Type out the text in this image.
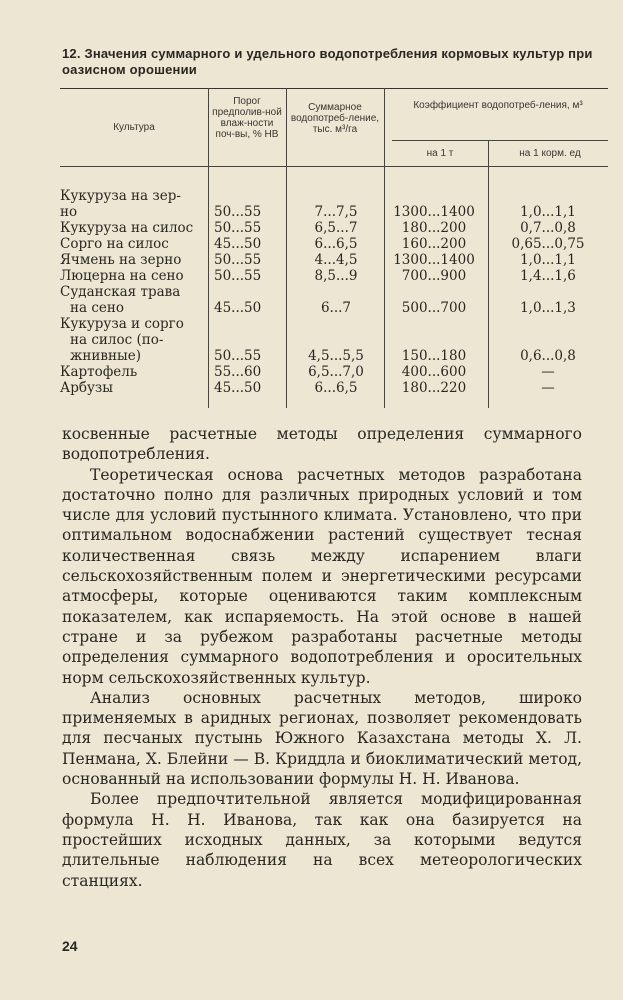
12. Значения суммарного и удельного водопотребления кормовых культур при оазисном орошении
Культура
Порог предполив-ной влаж-ности поч-вы, % НВ
Суммарное водопотреб-ление, тыс. м³/га
Коэффициент водопотреб-ления, м³
на 1 т	на 1 корм. ед
Кукуруза на зер-
но	50...55	7...7,5	1300...1400	1,0...1,1
Кукуруза на силос	50...55	6,5...7	180...200	0,7...0,8
Сорго на силос	45...50	6...6,5	160...200	0,65...0,75
Ячмень на зерно	50...55	4...4,5	1300...1400	1,0...1,1
Люцерна на сено	50...55	8,5...9	700...900	1,4...1,6
Суданская трава
на сено	45...50	6...7	500...700	1,0...1,3
Кукуруза и сорго
на силос (по-
жнивные)	50...55	4,5...5,5	150...180	0,6...0,8
Картофель	55...60	6,5...7,0	400...600	—
Арбузы	45...50	6...6,5	180...220	—

косвенные расчетные методы определения суммарного водопотребления.

Теоретическая основа расчетных методов разработана достаточно полно для различных природных условий и том числе для условий пустынного климата. Установлено, что при оптимальном водоснабжении растений существует тесная количественная связь между испарением влаги сельскохозяйственным полем и энергетическими ресурсами атмосферы, которые оцениваются таким комплексным показателем, как испаряемость. На этой основе в нашей стране и за рубежом разработаны расчетные методы определения суммарного водопотребления и оросительных норм сельскохозяйственных культур.

Анализ основных расчетных методов, широко применяемых в аридных регионах, позволяет рекомендовать для песчаных пустынь Южного Казахстана методы Х. Л. Пенмана, Х. Блейни — В. Криддла и биоклиматический метод, основанный на использовании формулы Н. Н. Иванова.

Более предпочтительной является модифицированная формула Н. Н. Иванова, так как она базируется на простейших исходных данных, за которыми ведутся длительные наблюдения на всех метеорологических станциях.

24
